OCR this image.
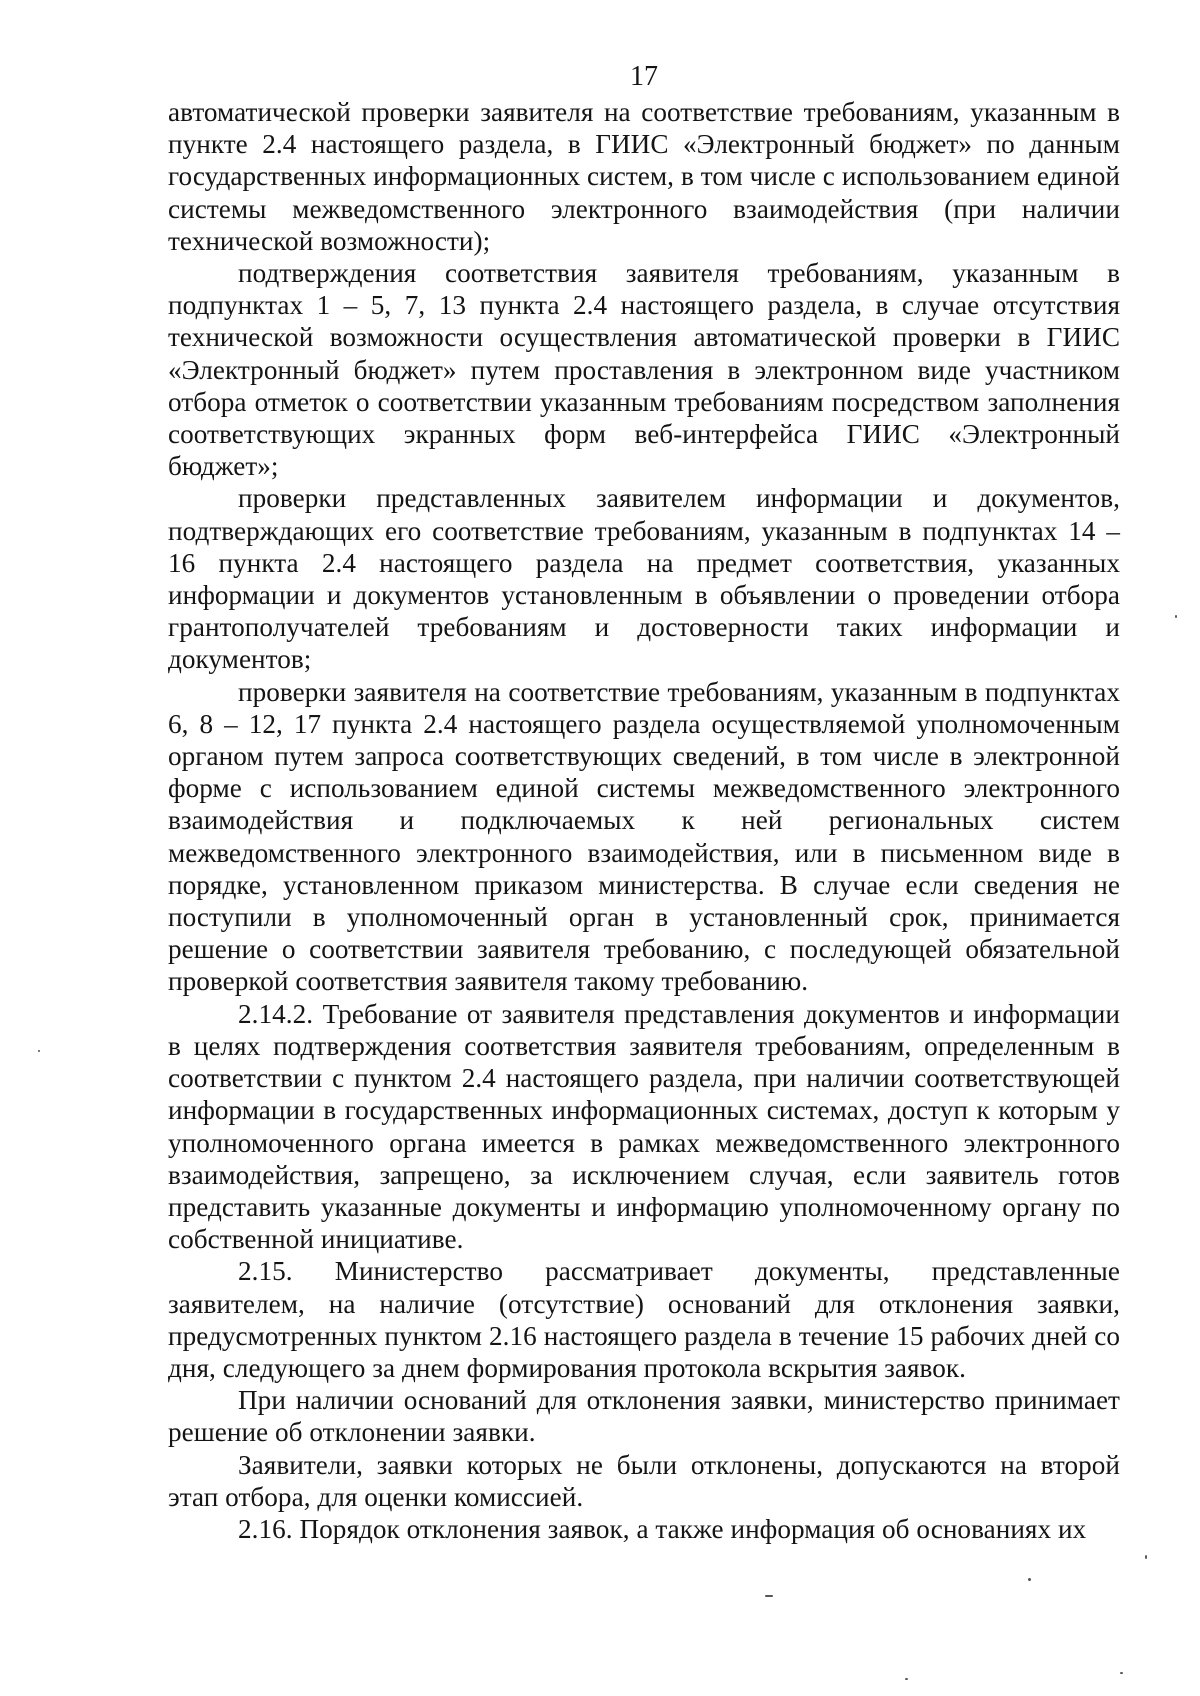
17

автоматической проверки заявителя на соответствие требованиям, указанным в пункте 2.4 настоящего раздела, в ГИИС «Электронный бюджет» по данным государственных информационных систем, в том числе с использованием единой системы межведомственного электронного взаимодействия (при наличии технической возможности);

подтверждения соответствия заявителя требованиям, указанным в подпунктах 1 – 5, 7, 13 пункта 2.4 настоящего раздела, в случае отсутствия технической возможности осуществления автоматической проверки в ГИИС «Электронный бюджет» путем проставления в электронном виде участником отбора отметок о соответствии указанным требованиям посредством заполнения соответствующих экранных форм веб-интерфейса ГИИС «Электронный бюджет»;

проверки представленных заявителем информации и документов, подтверждающих его соответствие требованиям, указанным в подпунктах 14 – 16 пункта 2.4 настоящего раздела на предмет соответствия, указанных информации и документов установленным в объявлении о проведении отбора грантополучателей требованиям и достоверности таких информации и документов;

проверки заявителя на соответствие требованиям, указанным в подпунктах 6, 8 – 12, 17 пункта 2.4 настоящего раздела осуществляемой уполномоченным органом путем запроса соответствующих сведений, в том числе в электронной форме с использованием единой системы межведомственного электронного взаимодействия и подключаемых к ней региональных систем межведомственного электронного взаимодействия, или в письменном виде в порядке, установленном приказом министерства. В случае если сведения не поступили в уполномоченный орган в установленный срок, принимается решение о соответствии заявителя требованию, с последующей обязательной проверкой соответствия заявителя такому требованию.

2.14.2. Требование от заявителя представления документов и информации в целях подтверждения соответствия заявителя требованиям, определенным в соответствии с пунктом 2.4 настоящего раздела, при наличии соответствующей информации в государственных информационных системах, доступ к которым у уполномоченного органа имеется в рамках межведомственного электронного взаимодействия, запрещено, за исключением случая, если заявитель готов представить указанные документы и информацию уполномоченному органу по собственной инициативе.

2.15. Министерство рассматривает документы, представленные заявителем, на наличие (отсутствие) оснований для отклонения заявки, предусмотренных пунктом 2.16 настоящего раздела в течение 15 рабочих дней со дня, следующего за днем формирования протокола вскрытия заявок.

При наличии оснований для отклонения заявки, министерство принимает решение об отклонении заявки.

Заявители, заявки которых не были отклонены, допускаются на второй этап отбора, для оценки комиссией.

2.16. Порядок отклонения заявок, а также информация об основаниях их
